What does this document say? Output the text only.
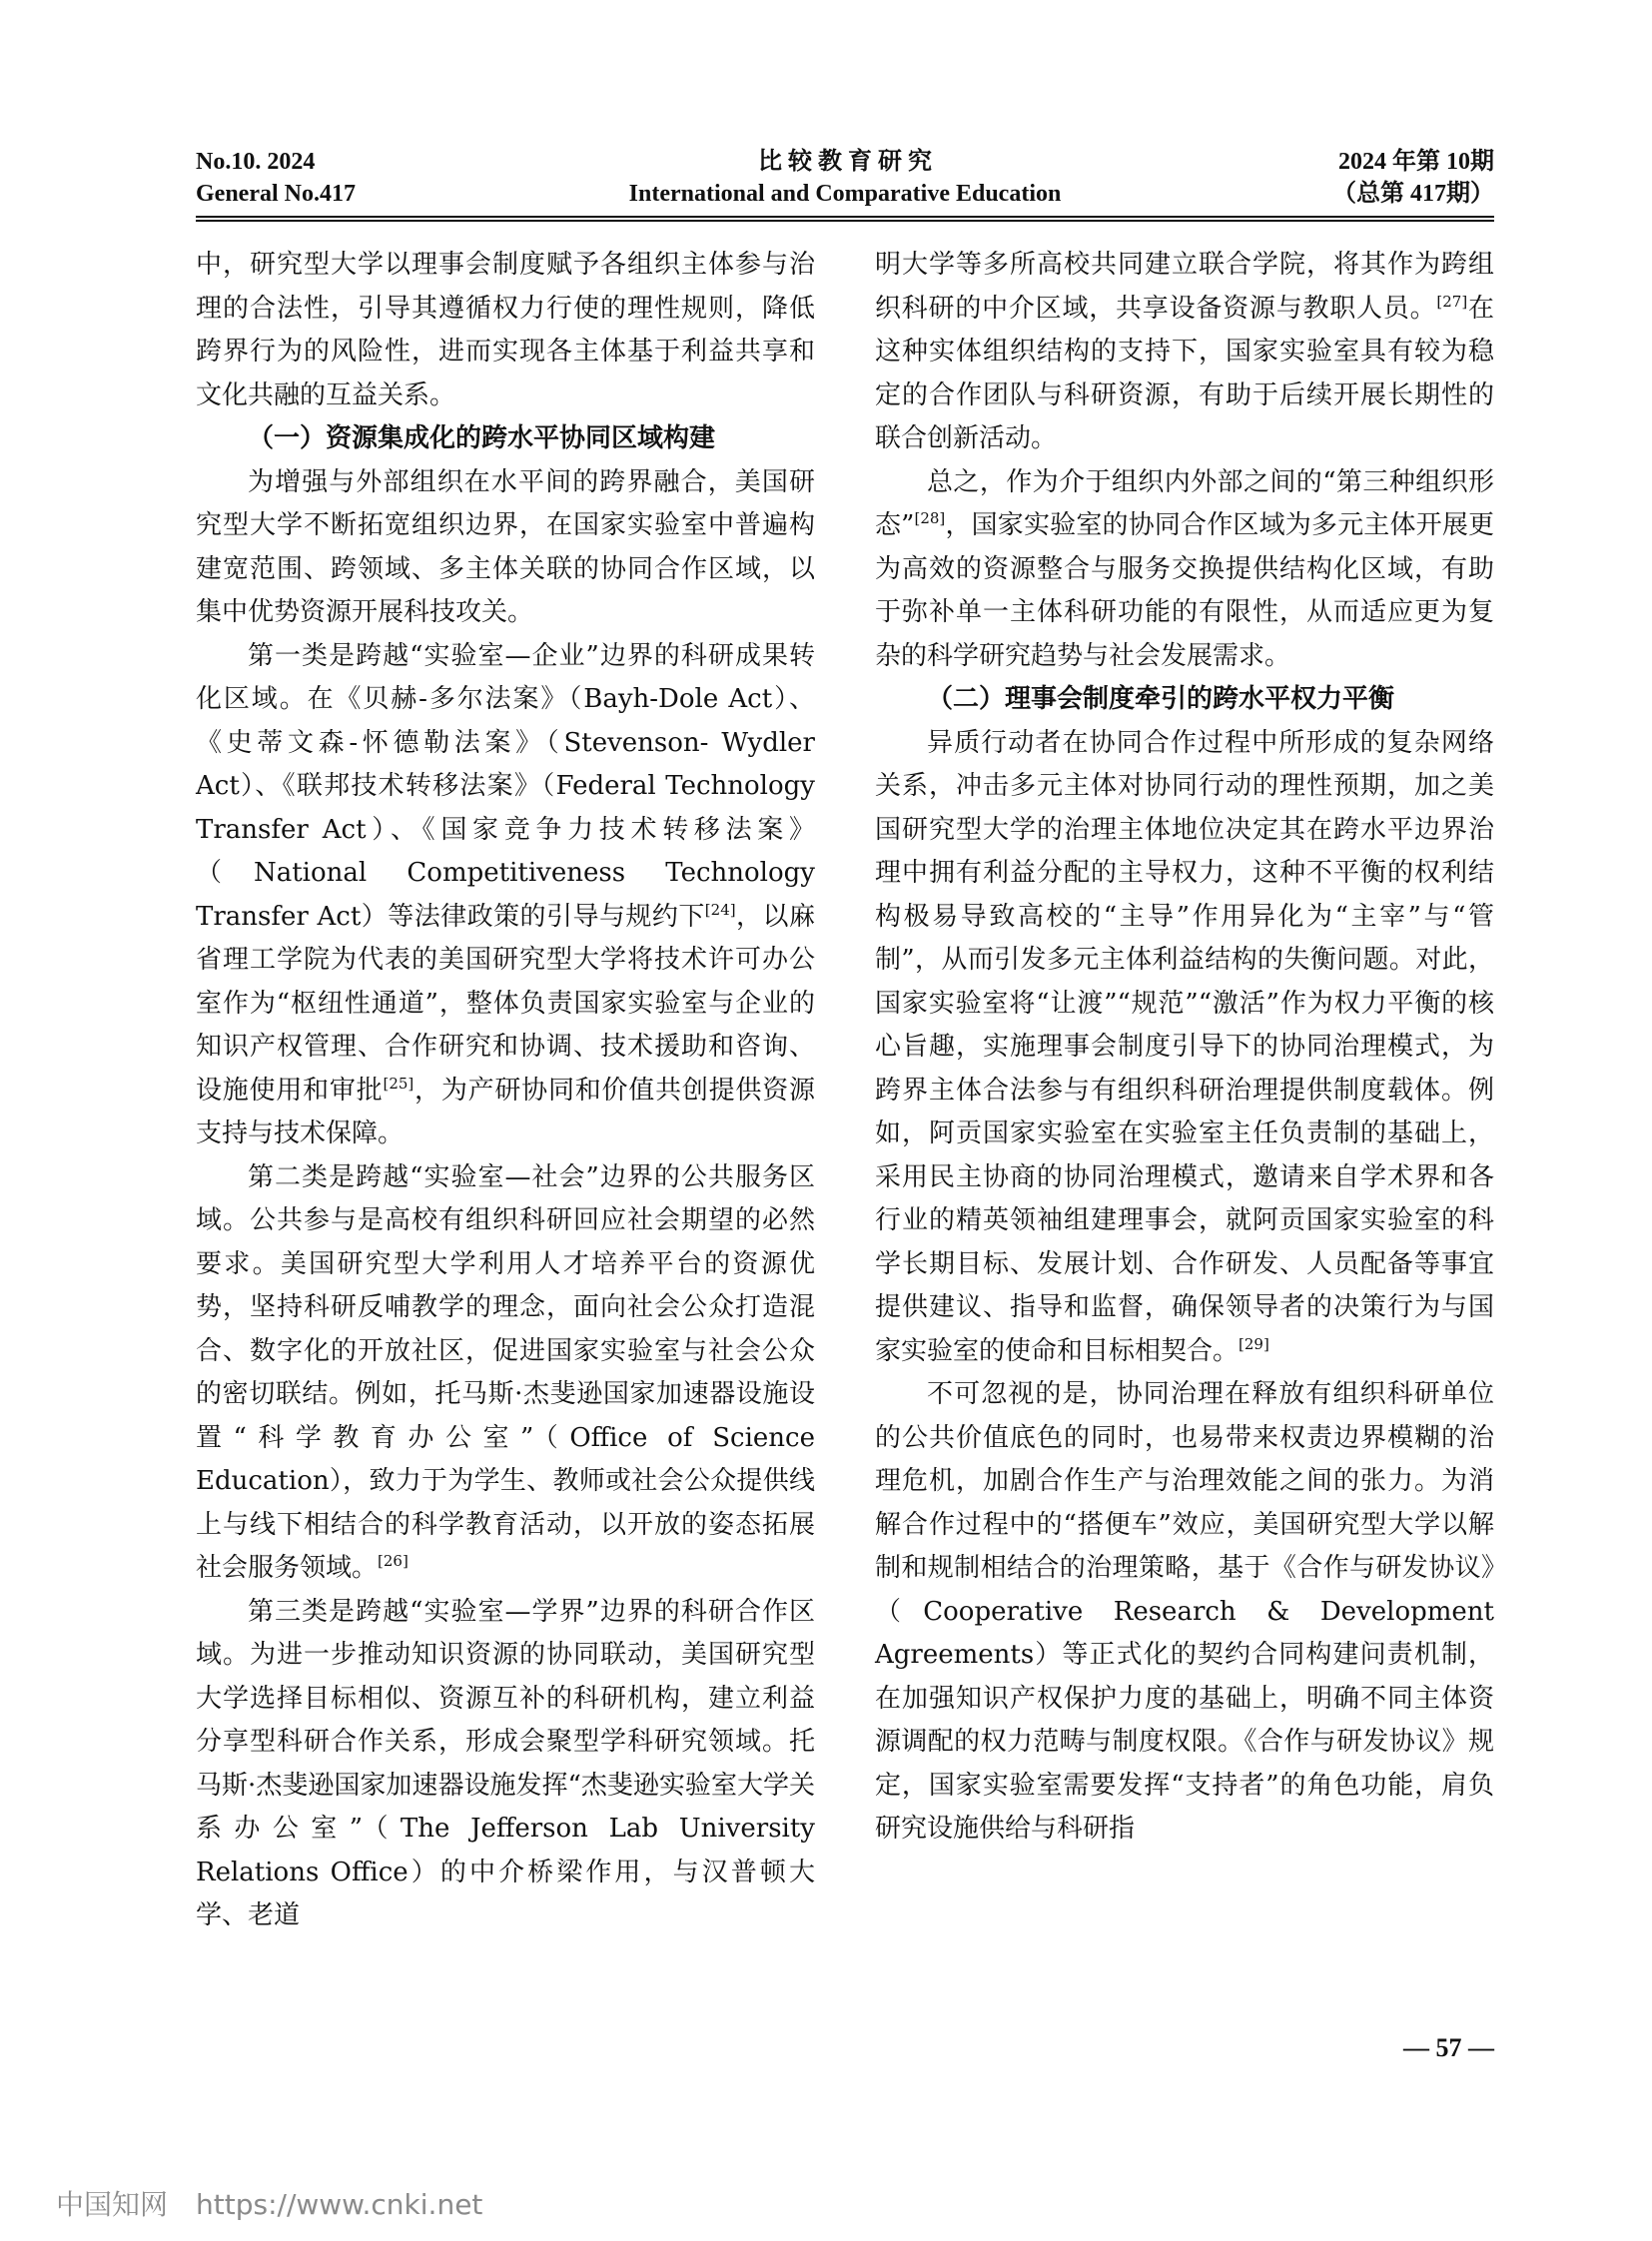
No.10. 2024
General No.417
比 较 教 育 研 究
International and Comparative Education
2024 年第 10期
（总第 417期）

中，研究型大学以理事会制度赋予各组织主体参与治理的合法性，引导其遵循权力行使的理性规则，降低跨界行为的风险性，进而实现各主体基于利益共享和文化共融的互益关系。

（一）资源集成化的跨水平协同区域构建

为增强与外部组织在水平间的跨界融合，美国研究型大学不断拓宽组织边界，在国家实验室中普遍构建宽范围、跨领域、多主体关联的协同合作区域，以集中优势资源开展科技攻关。

第一类是跨越“实验室—企业”边界的科研成果转化区域。在《贝赫-多尔法案》（Bayh-Dole Act）、《史蒂文森-怀德勒法案》（Stevenson- Wydler Act）、《联邦技术转移法案》（Federal Technology Transfer Act）、《国家竞争力技术转移法案》（National Competitiveness Technology Transfer Act）等法律政策的引导与规约下[24]，以麻省理工学院为代表的美国研究型大学将技术许可办公室作为“枢纽性通道”，整体负责国家实验室与企业的知识产权管理、合作研究和协调、技术援助和咨询、设施使用和审批[25]，为产研协同和价值共创提供资源支持与技术保障。

第二类是跨越“实验室—社会”边界的公共服务区域。公共参与是高校有组织科研回应社会期望的必然要求。美国研究型大学利用人才培养平台的资源优势，坚持科研反哺教学的理念，面向社会公众打造混合、数字化的开放社区，促进国家实验室与社会公众的密切联结。例如，托马斯·杰斐逊国家加速器设施设置“科学教育办公室”（Office of Science Education），致力于为学生、教师或社会公众提供线上与线下相结合的科学教育活动，以开放的姿态拓展社会服务领域。[26]

第三类是跨越“实验室—学界”边界的科研合作区域。为进一步推动知识资源的协同联动，美国研究型大学选择目标相似、资源互补的科研机构，建立利益分享型科研合作关系，形成会聚型学科研究领域。托马斯·杰斐逊国家加速器设施发挥“杰斐逊实验室大学关系办公室”（The Jefferson Lab University Relations Office）的中介桥梁作用，与汉普顿大学、老道

明大学等多所高校共同建立联合学院，将其作为跨组织科研的中介区域，共享设备资源与教职人员。[27]在这种实体组织结构的支持下，国家实验室具有较为稳定的合作团队与科研资源，有助于后续开展长期性的联合创新活动。

总之，作为介于组织内外部之间的“第三种组织形态”[28]，国家实验室的协同合作区域为多元主体开展更为高效的资源整合与服务交换提供结构化区域，有助于弥补单一主体科研功能的有限性，从而适应更为复杂的科学研究趋势与社会发展需求。

（二）理事会制度牵引的跨水平权力平衡

异质行动者在协同合作过程中所形成的复杂网络关系，冲击多元主体对协同行动的理性预期，加之美国研究型大学的治理主体地位决定其在跨水平边界治理中拥有利益分配的主导权力，这种不平衡的权利结构极易导致高校的“主导”作用异化为“主宰”与“管制”，从而引发多元主体利益结构的失衡问题。对此，国家实验室将“让渡”“规范”“激活”作为权力平衡的核心旨趣，实施理事会制度引导下的协同治理模式，为跨界主体合法参与有组织科研治理提供制度载体。例如，阿贡国家实验室在实验室主任负责制的基础上，采用民主协商的协同治理模式，邀请来自学术界和各行业的精英领袖组建理事会，就阿贡国家实验室的科学长期目标、发展计划、合作研发、人员配备等事宜提供建议、指导和监督，确保领导者的决策行为与国家实验室的使命和目标相契合。[29]

不可忽视的是，协同治理在释放有组织科研单位的公共价值底色的同时，也易带来权责边界模糊的治理危机，加剧合作生产与治理效能之间的张力。为消解合作过程中的“搭便车”效应，美国研究型大学以解制和规制相结合的治理策略，基于《合作与研发协议》（Cooperative Research & Development Agreements）等正式化的契约合同构建问责机制，在加强知识产权保护力度的基础上，明确不同主体资源调配的权力范畴与制度权限。《合作与研发协议》规定，国家实验室需要发挥“支持者”的角色功能，肩负研究设施供给与科研指

— 57 —
中国知网 https://www.cnki.net
